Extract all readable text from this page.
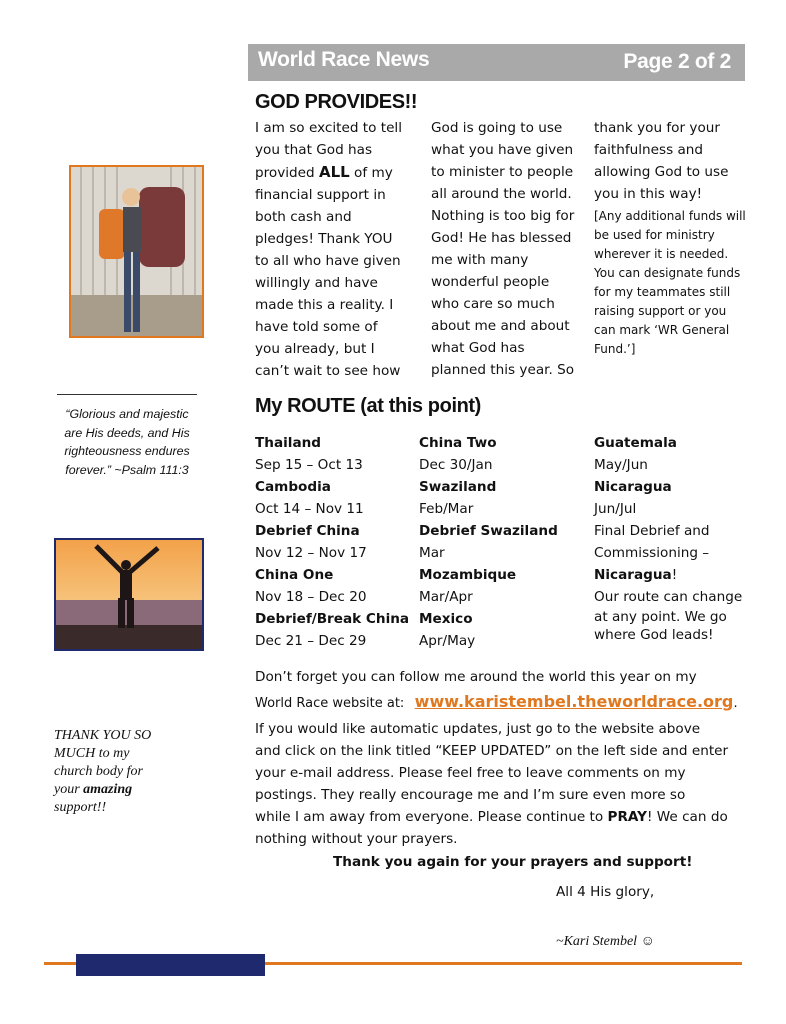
World Race News	Page 2 of 2
“Glorious and majestic are His deeds, and His righteousness endures forever.” ~Psalm 111:3
THANK YOU SO
MUCH to my
church body for
your amazing
support!!
GOD PROVIDES!!
I am so excited to tell
you that God has
provided ALL of my
financial support in
both cash and
pledges! Thank YOU
to all who have given
willingly and have
made this a reality. I
have told some of
you already, but I
can’t wait to see how
God is going to use
what you have given
to minister to people
all around the world.
Nothing is too big for
God! He has blessed
me with many
wonderful people
who care so much
about me and about
what God has
planned this year. So
thank you for your
faithfulness and
allowing God to use
you in this way!
[Any additional funds will
be used for ministry
wherever it is needed.
You can designate funds
for my teammates still
raising support or you
can mark ‘WR General
Fund.’]
My ROUTE (at this point)
Thailand
Sep 15 – Oct 13
Cambodia
Oct 14 – Nov 11
Debrief China
Nov 12 – Nov 17
China One
Nov 18 – Dec 20
Debrief/Break China
Dec 21 – Dec 29
China Two
Dec 30/Jan
Swaziland
Feb/Mar
Debrief Swaziland
Mar
Mozambique
Mar/Apr
Mexico
Apr/May
Guatemala
May/Jun
Nicaragua
Jun/Jul
Final Debrief and
Commissioning –
Nicaragua!
Our route can change
at any point. We go
where God leads!
Don’t forget you can follow me around the world this year on my
World Race website at: www.karistembel.theworldrace.org.
If you would like automatic updates, just go to the website above
and click on the link titled “KEEP UPDATED” on the left side and enter
your e-mail address. Please feel free to leave comments on my
postings. They really encourage me and I’m sure even more so
while I am away from everyone. Please continue to PRAY! We can do
nothing without your prayers.
Thank you again for your prayers and support!
All 4 His glory,
~Kari Stembel ☺
